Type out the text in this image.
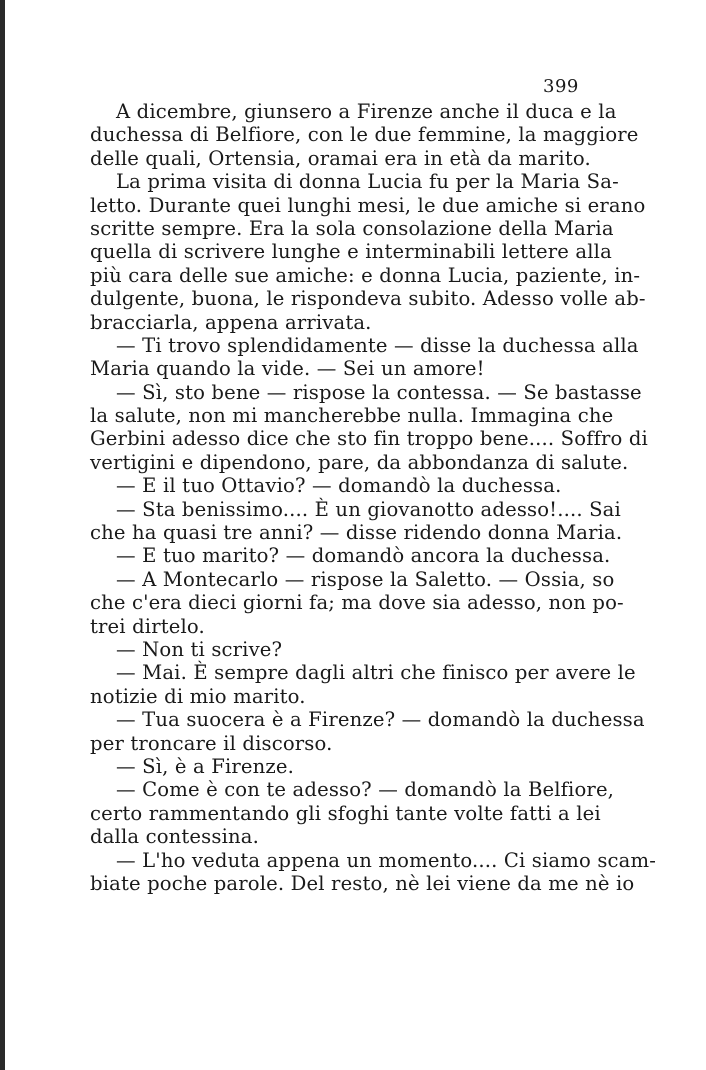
399
A dicembre, giunsero a Firenze anche il duca e la
duchessa di Belfiore, con le due femmine, la maggiore
delle quali, Ortensia, oramai era in età da marito.
La prima visita di donna Lucia fu per la Maria Sa-
letto. Durante quei lunghi mesi, le due amiche si erano
scritte sempre. Era la sola consolazione della Maria
quella di scrivere lunghe e interminabili lettere alla
più cara delle sue amiche: e donna Lucia, paziente, in-
dulgente, buona, le rispondeva subito. Adesso volle ab-
bracciarla, appena arrivata.
— Ti trovo splendidamente — disse la duchessa alla
Maria quando la vide. — Sei un amore!
— Sì, sto bene — rispose la contessa. — Se bastasse
la salute, non mi mancherebbe nulla. Immagina che
Gerbini adesso dice che sto fin troppo bene.... Soffro di
vertigini e dipendono, pare, da abbondanza di salute.
— E il tuo Ottavio? — domandò la duchessa.
— Sta benissimo.... È un giovanotto adesso!.... Sai
che ha quasi tre anni? — disse ridendo donna Maria.
— E tuo marito? — domandò ancora la duchessa.
— A Montecarlo — rispose la Saletto. — Ossia, so
che c'era dieci giorni fa; ma dove sia adesso, non po-
trei dirtelo.
— Non ti scrive?
— Mai. È sempre dagli altri che finisco per avere le
notizie di mio marito.
— Tua suocera è a Firenze? — domandò la duchessa
per troncare il discorso.
— Sì, è a Firenze.
— Come è con te adesso? — domandò la Belfiore,
certo rammentando gli sfoghi tante volte fatti a lei
dalla contessina.
— L'ho veduta appena un momento.... Ci siamo scam-
biate poche parole. Del resto, nè lei viene da me nè io
